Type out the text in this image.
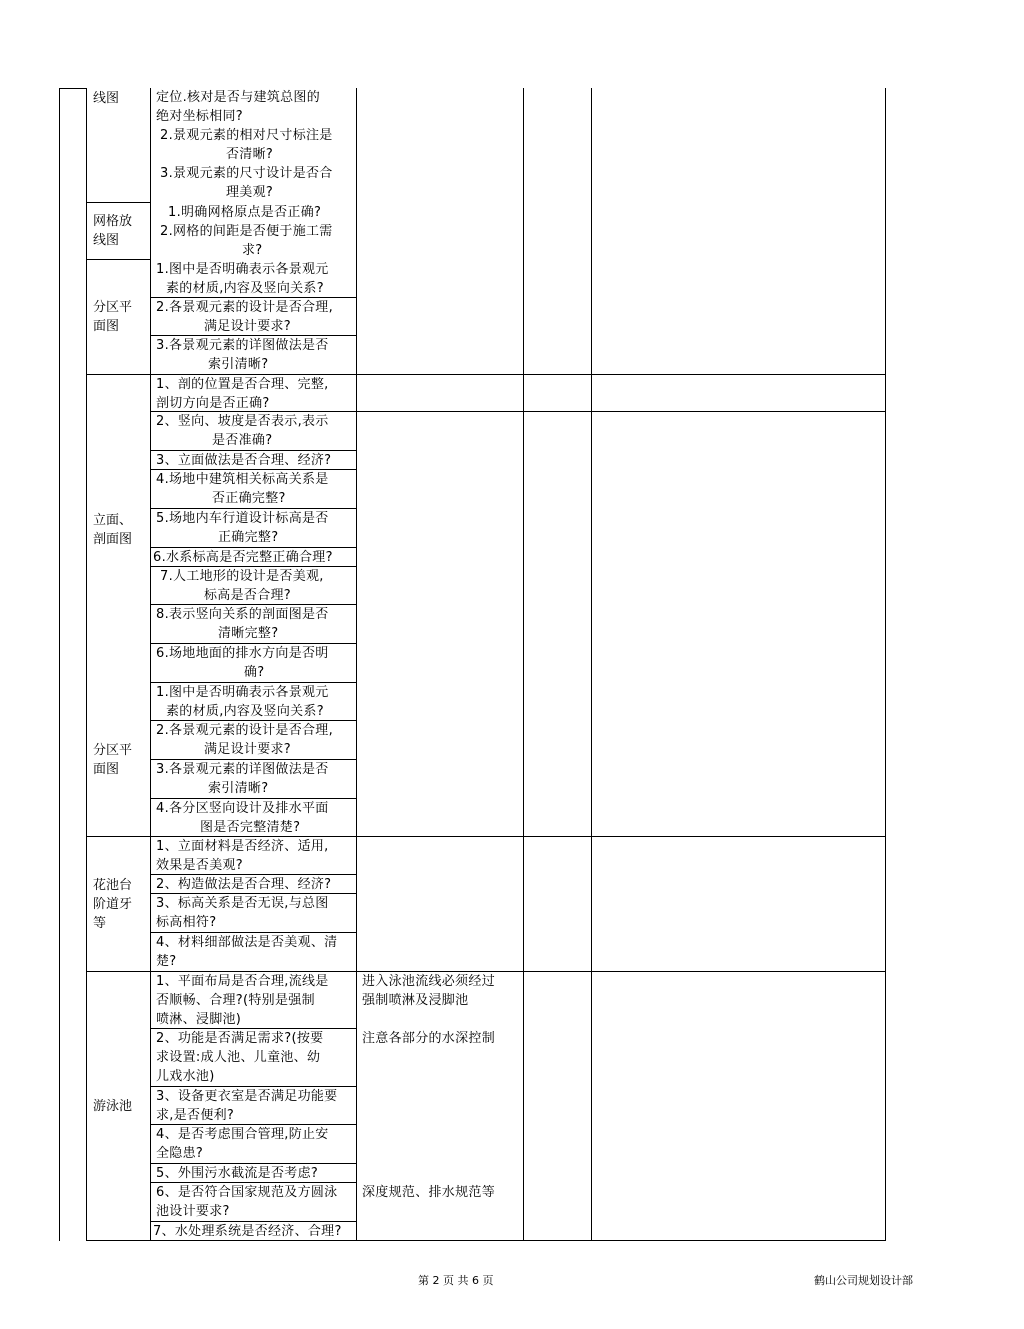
线图
网格放
线图
分区平
面图
立面、
剖面图
分区平
面图
花池台
阶道牙
等
游泳池
定位.核对是否与建筑总图的
绝对坐标相同?
2.景观元素的相对尺寸标注是
否清晰?
3.景观元素的尺寸设计是否合
理美观?
1.明确网格原点是否正确?
2.网格的间距是否便于施工需
求?
1.图中是否明确表示各景观元
素的材质,内容及竖向关系?
2.各景观元素的设计是否合理,
满足设计要求?
3.各景观元素的详图做法是否
索引清晰?
1、剖的位置是否合理、完整,
剖切方向是否正确?
2、竖向、坡度是否表示,表示
是否准确?
3、立面做法是否合理、经济?
4.场地中建筑相关标高关系是
否正确完整?
5.场地内车行道设计标高是否
正确完整?
6.水系标高是否完整正确合理?
7.人工地形的设计是否美观,
标高是否合理?
8.表示竖向关系的剖面图是否
清晰完整?
6.场地地面的排水方向是否明
确?
1.图中是否明确表示各景观元
素的材质,内容及竖向关系?
2.各景观元素的设计是否合理,
满足设计要求?
3.各景观元素的详图做法是否
索引清晰?
4.各分区竖向设计及排水平面
图是否完整清楚?
1、立面材料是否经济、适用,
效果是否美观?
2、构造做法是否合理、经济?
3、标高关系是否无误,与总图
标高相符?
4、材料细部做法是否美观、清
楚?
1、平面布局是否合理,流线是
否顺畅、合理?(特别是强制
喷淋、浸脚池)
2、功能是否满足需求?(按要
求设置:成人池、儿童池、幼
儿戏水池)
3、设备更衣室是否满足功能要
求,是否便利?
4、是否考虑围合管理,防止安
全隐患?
5、外围污水截流是否考虑?
6、是否符合国家规范及方圆泳
池设计要求?
7、水处理系统是否经济、合理?
进入泳池流线必须经过
强制喷淋及浸脚池
注意各部分的水深控制
深度规范、排水规范等
第 2 页 共 6 页	鹤山公司规划设计部
